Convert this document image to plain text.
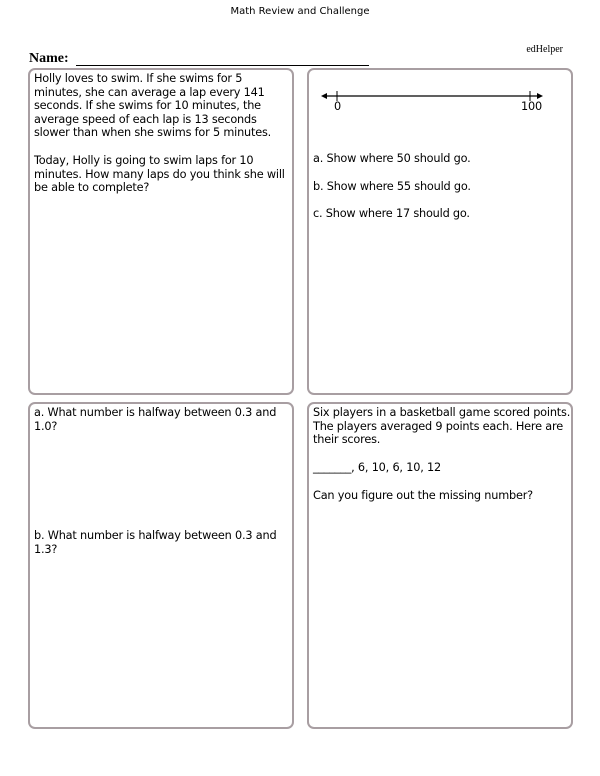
Math Review and Challenge
edHelper
Name:
Holly loves to swim. If she swims for 5 minutes, she can average a lap every 141 seconds. If she swims for 10 minutes, the average speed of each lap is 13 seconds slower than when she swims for 5 minutes.
Today, Holly is going to swim laps for 10 minutes. How many laps do you think she will be able to complete?
0	100
a. Show where 50 should go.
b. Show where 55 should go.
c. Show where 17 should go.
a. What number is halfway between 0.3 and 1.0?
b. What number is halfway between 0.3 and 1.3?
Six players in a basketball game scored points. The players averaged 9 points each. Here are their scores.
_______, 6, 10, 6, 10, 12
Can you figure out the missing number?
